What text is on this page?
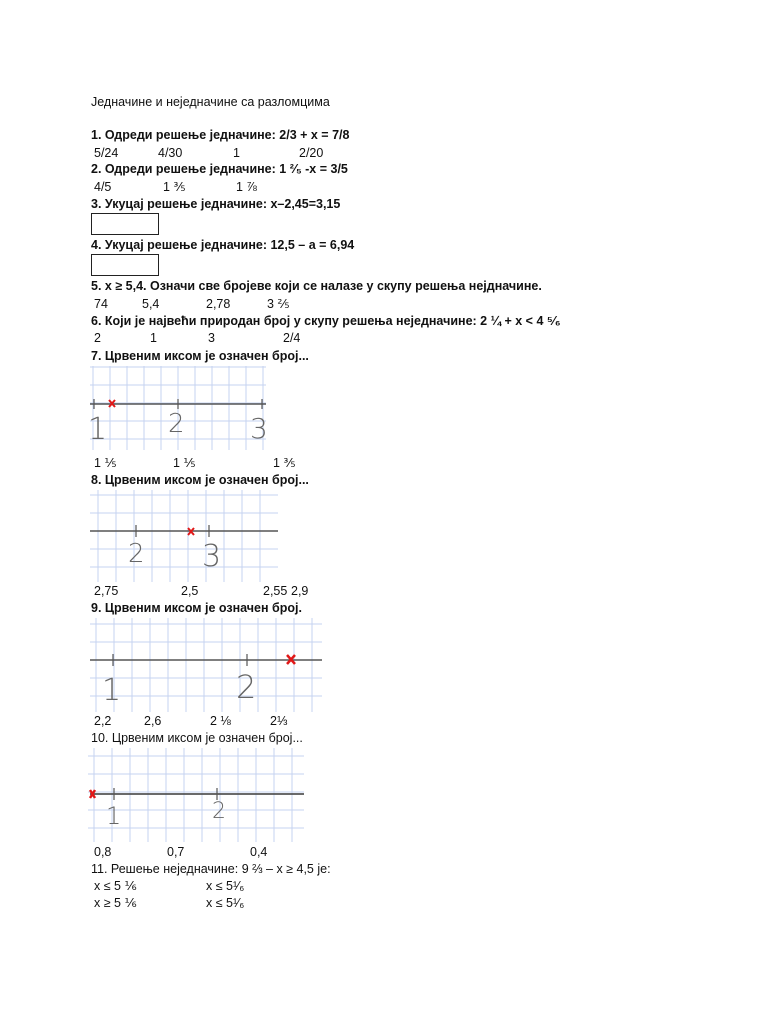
Једначине и неједначине са разломцима
1. Одреди решење једначине: 2/3 + x = 7/8
5/24	4/30	1	2/20
2. Одреди решење једначине: 1 ²⁄₅ -x = 3/5
4/5	1 ⅗	1 ⅞
3. Укуцај решење једначине: x–2,45=3,15
4. Укуцај решење једначине: 12,5 – a = 6,94
5. x ≥ 5,4. Означи све бројеве који се налазе у скупу решења нејдначине.
74	5,4	2,78	3 ⅖
6. Који је највећи природан број у скупу решења неједначине: 2 ¼ + x < 4 ⁵⁄₆
2	1	3	2/4
7. Црвеним иксом је означен број...
1 2 3
1 ⅕	1 ⅕	1 ⅗
8. Црвеним иксом је означен број...
2 3
2,75	2,5	2,55 2,9
9. Црвеним иксом је означен број.
1	2
2,2	2,6	2 ⅛	2⅓
10. Црвеним иксом је означен број...
1	2
0,8	0,7	0,4
11. Решење неједначине: 9 ⅔ – x ≥ 4,5 је:
x ≤ 5 ⅙	x ≤ 5¹⁄₆
x ≥ 5 ⅙	x ≤ 5¹⁄₆
